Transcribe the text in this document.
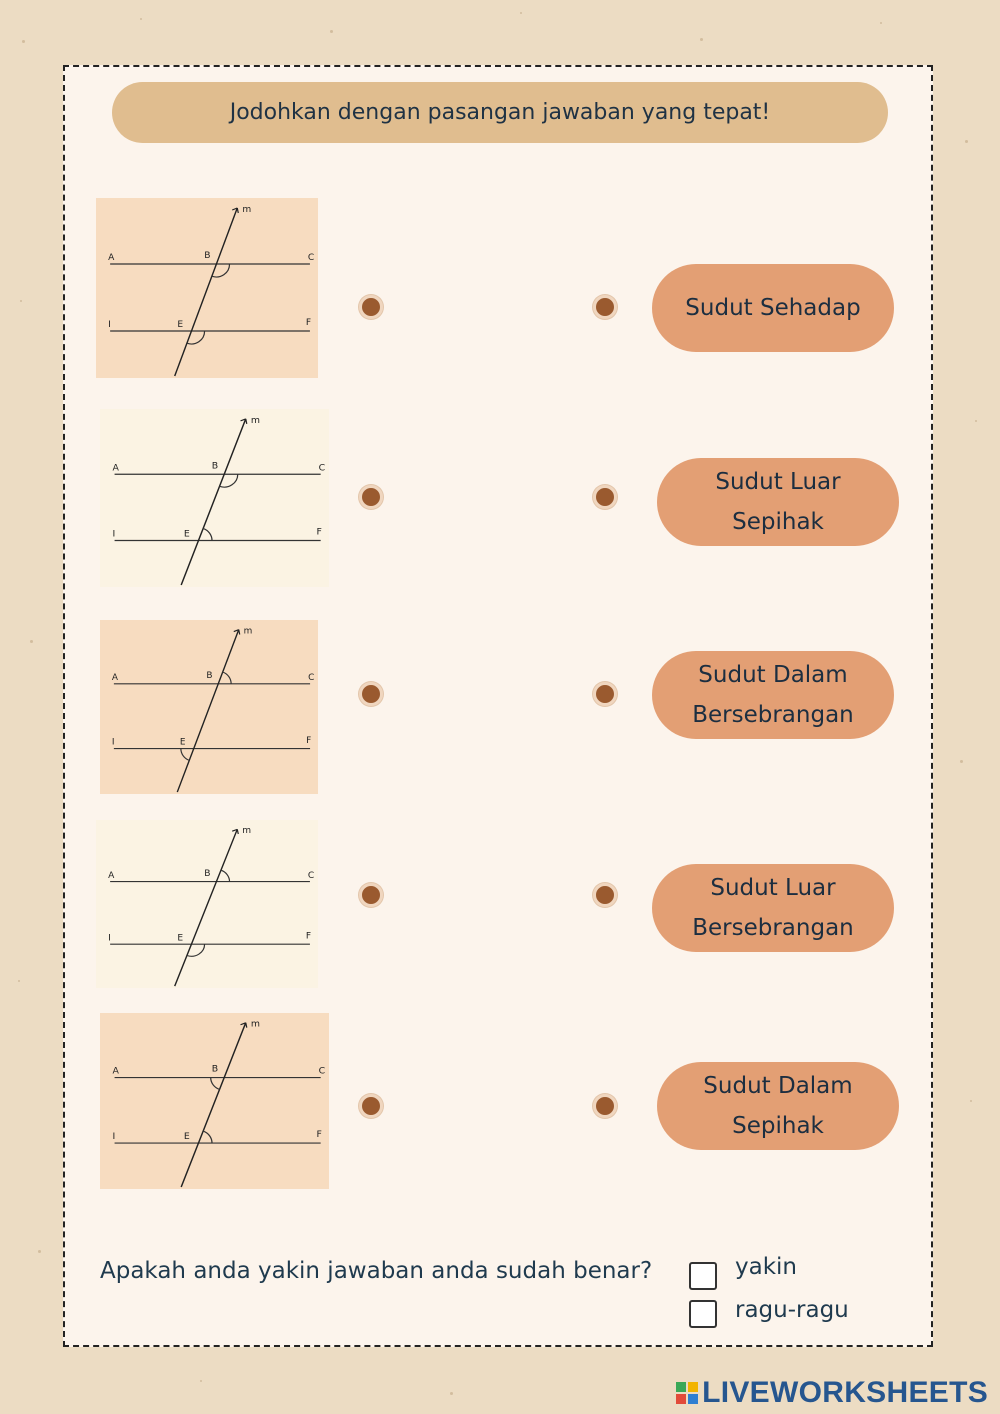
Jodohkan dengan pasangan jawaban yang tepat!
m
A	B	C
I	E	F
m
A	B	C
I	E	F
m
A	B	C
I	E	F
m
A	B	C
I	E	F
m
A	B	C
I	E	F
Sudut Sehadap
Sudut Luar
Sepihak
Sudut Dalam
Bersebrangan
Sudut Luar
Bersebrangan
Sudut Dalam
Sepihak
Apakah anda yakin jawaban anda sudah benar?	yakin
ragu-ragu
LIVEWORKSHEETS
